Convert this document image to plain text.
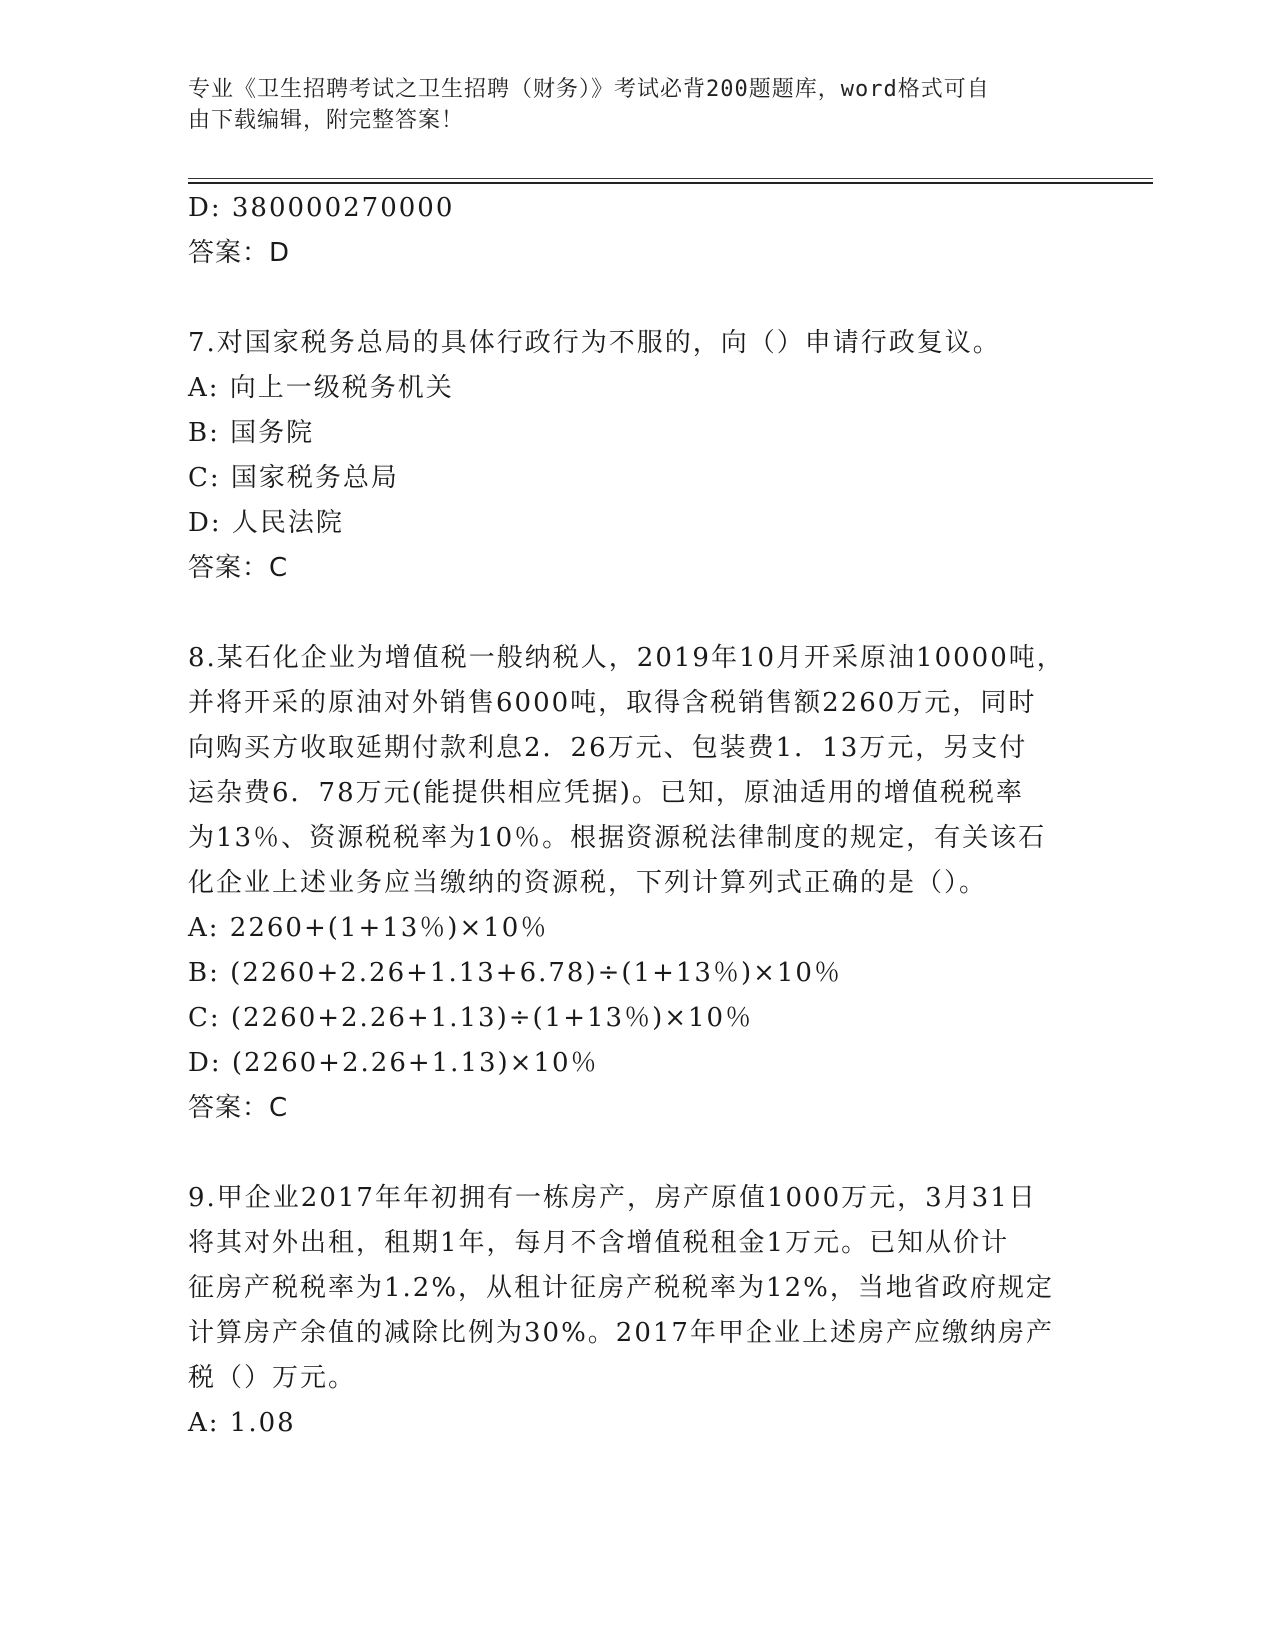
专业《卫生招聘考试之卫生招聘（财务）》考试必背200题题库，word格式可自
由下载编辑，附完整答案！
D: 380000270000
答案：D
7.对国家税务总局的具体行政行为不服的，向（）申请行政复议。
A: 向上一级税务机关
B: 国务院
C: 国家税务总局
D: 人民法院
答案：C
8.某石化企业为增值税一般纳税人，2019年10月开采原油10000吨，
并将开采的原油对外销售6000吨，取得含税销售额2260万元，同时
向购买方收取延期付款利息2．26万元、包装费1．13万元，另支付
运杂费6．78万元(能提供相应凭据)。已知，原油适用的增值税税率
为13％、资源税税率为10％。根据资源税法律制度的规定，有关该石
化企业上述业务应当缴纳的资源税，下列计算列式正确的是（）。
A: 2260+(1+13％)×10％
B: (2260+2.26+1.13+6.78)÷(1+13％)×10％
C: (2260+2.26+1.13)÷(1+13％)×10％
D: (2260+2.26+1.13)×10％
答案：C
9.甲企业2017年年初拥有一栋房产，房产原值1000万元，3月31日
将其对外出租，租期1年，每月不含增值税租金1万元。已知从价计
征房产税税率为1.2%，从租计征房产税税率为12%，当地省政府规定
计算房产余值的减除比例为30%。2017年甲企业上述房产应缴纳房产
税（）万元。
A: 1.08
